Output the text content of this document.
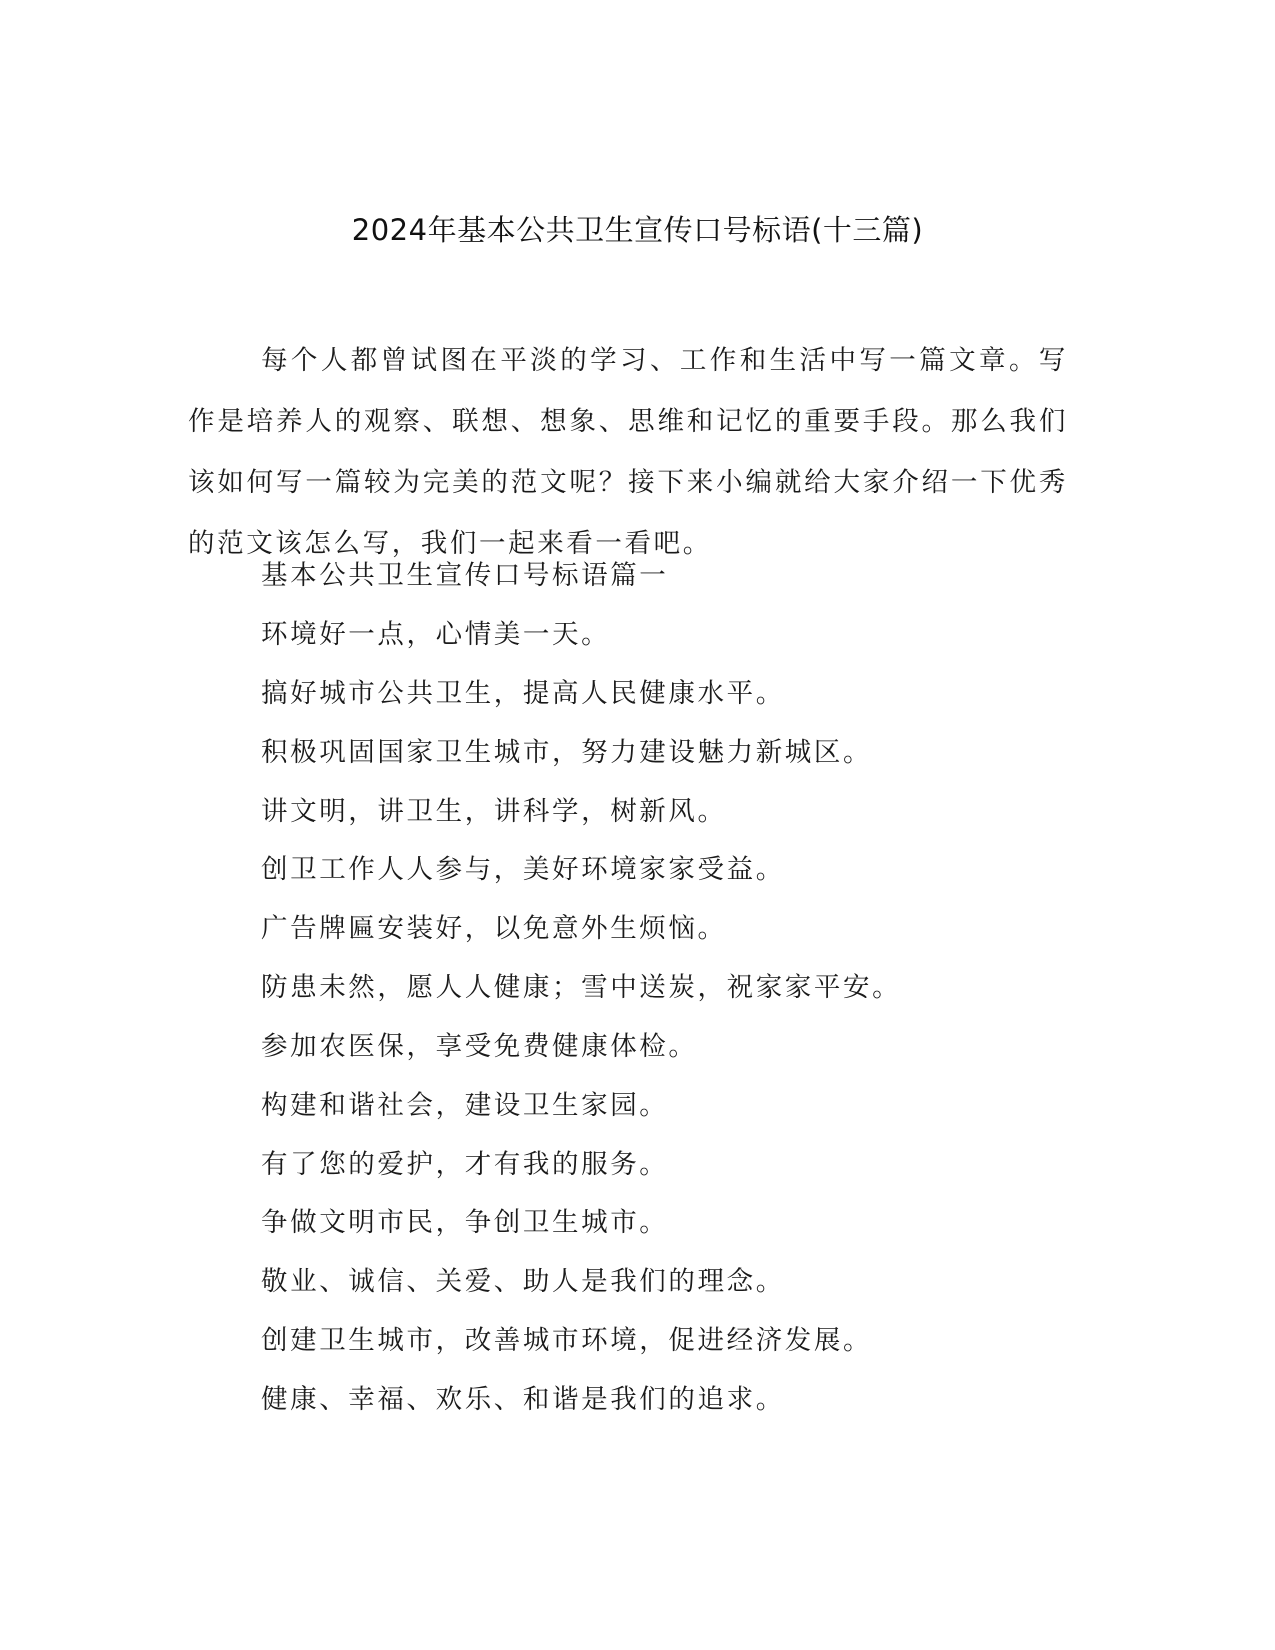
2024年基本公共卫生宣传口号标语(十三篇)

每个人都曾试图在平淡的学习、工作和生活中写一篇文章。写作是培养人的观察、联想、想象、思维和记忆的重要手段。那么我们该如何写一篇较为完美的范文呢？接下来小编就给大家介绍一下优秀的范文该怎么写，我们一起来看一看吧。

基本公共卫生宣传口号标语篇一

环境好一点，心情美一天。

搞好城市公共卫生，提高人民健康水平。

积极巩固国家卫生城市，努力建设魅力新城区。

讲文明，讲卫生，讲科学，树新风。

创卫工作人人参与，美好环境家家受益。

广告牌匾安装好，以免意外生烦恼。

防患未然，愿人人健康；雪中送炭，祝家家平安。

参加农医保，享受免费健康体检。

构建和谐社会，建设卫生家园。

有了您的爱护，才有我的服务。

争做文明市民，争创卫生城市。

敬业、诚信、关爱、助人是我们的理念。

创建卫生城市，改善城市环境，促进经济发展。

健康、幸福、欢乐、和谐是我们的追求。
